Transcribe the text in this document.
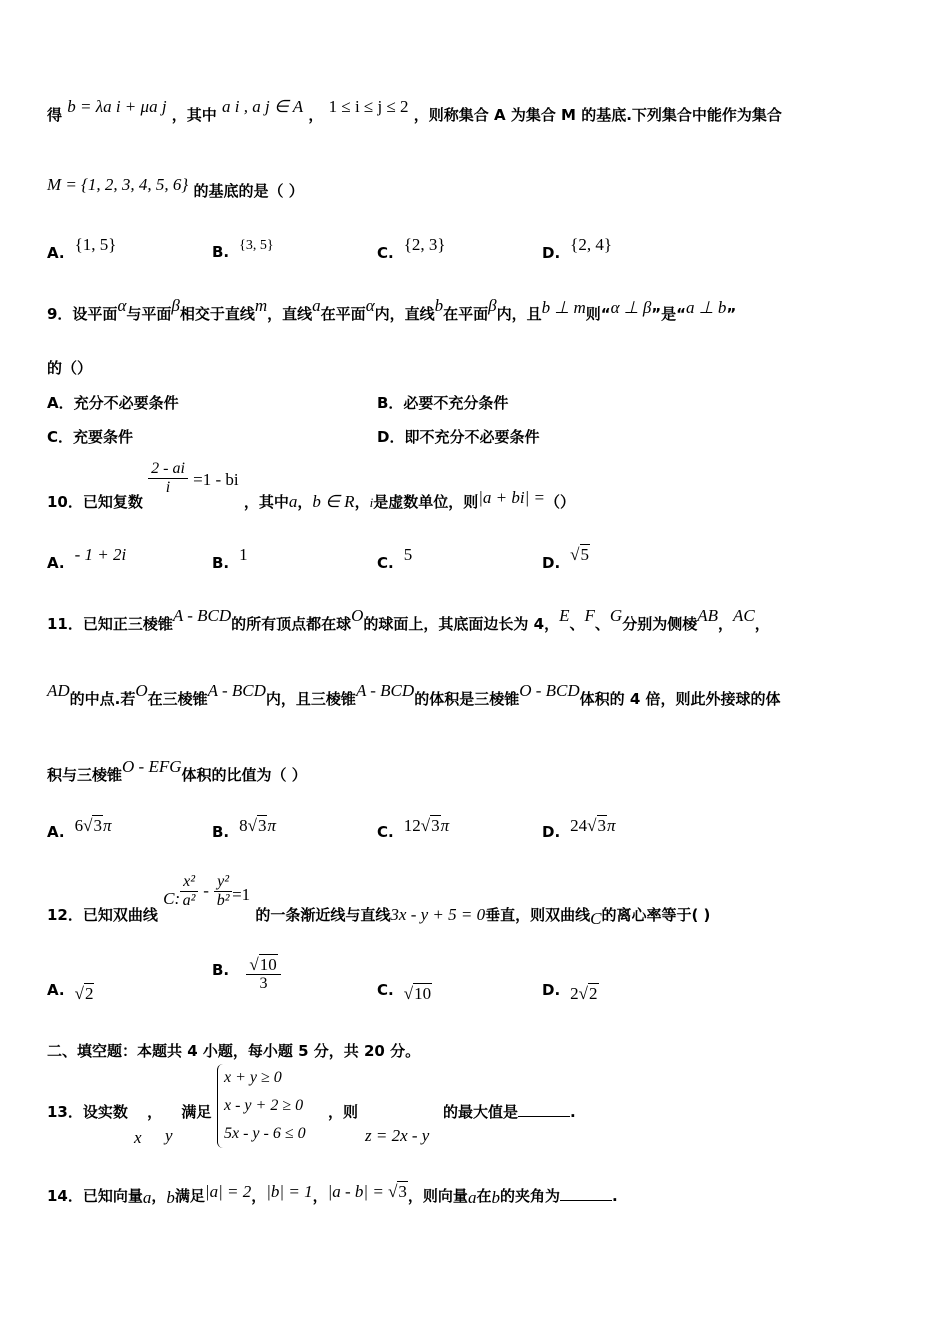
得 b = λa i + μa j ，其中 a i , a j ∈ A ， 1 ≤ i ≤ j ≤ 2 ，则称集合 A 为集合 M 的基底.下列集合中能作为集合
M = {1, 2, 3, 4, 5, 6} 的基底的是（ ）
A. {1, 5}	B. {3, 5}	C. {2, 3}	D. {2, 4}
9．设平面α与平面β相交于直线m，直线a在平面α内，直线b在平面β内，且b ⊥ m则“α ⊥ β”是“a ⊥ b”
的（）
A．充分不必要条件	B．必要不充分条件
C．充要条件	D．即不充分不必要条件
10．已知复数
$\frac{2 - ai}{i} =1$ - bi ，其中a，b ∈ R，i是虚数单位，则|a + bi| =（）
A. - 1 + 2i	B. 1	C. 5	D. √5
11．已知正三棱锥A - BCD的所有顶点都在球O的球面上，其底面边长为 4，E、F、G分别为侧棱AB，AC，
AD的中点.若O在三棱锥A - BCD内，且三棱锥A - BCD的体积是三棱锥O - BCD体积的 4 倍，则此外接球的体
积与三棱锥O - EFG体积的比值为（ ）
A. 6√3π	B. 8√3π	C. 12√3π	D. 24√3π
12．已知双曲线 C: $\frac{\text{x²}}{\text{a²}} - \frac{\text{y²}}{\text{b²}} =1$ 的一条渐近线与直线3x - y + 5 = 0垂直，则双曲线C的离心率等于( )
A. √2
B. $\frac{√10}{3}$	C. √10	D. 2√2
二、填空题：本题共 4 小题，每小题 5 分，共 20 分。
13．设实数 ， 满足
x y
x + y ≥ 0
x - y + 2 ≥ 0
5x - y - 6 ≤ 0
，则
z = 2x - y
的最大值是	.
14．已知向量a，b满足|a| = 2，|b| = 1，|a - b| = √3，则向量a在b的夹角为	.
